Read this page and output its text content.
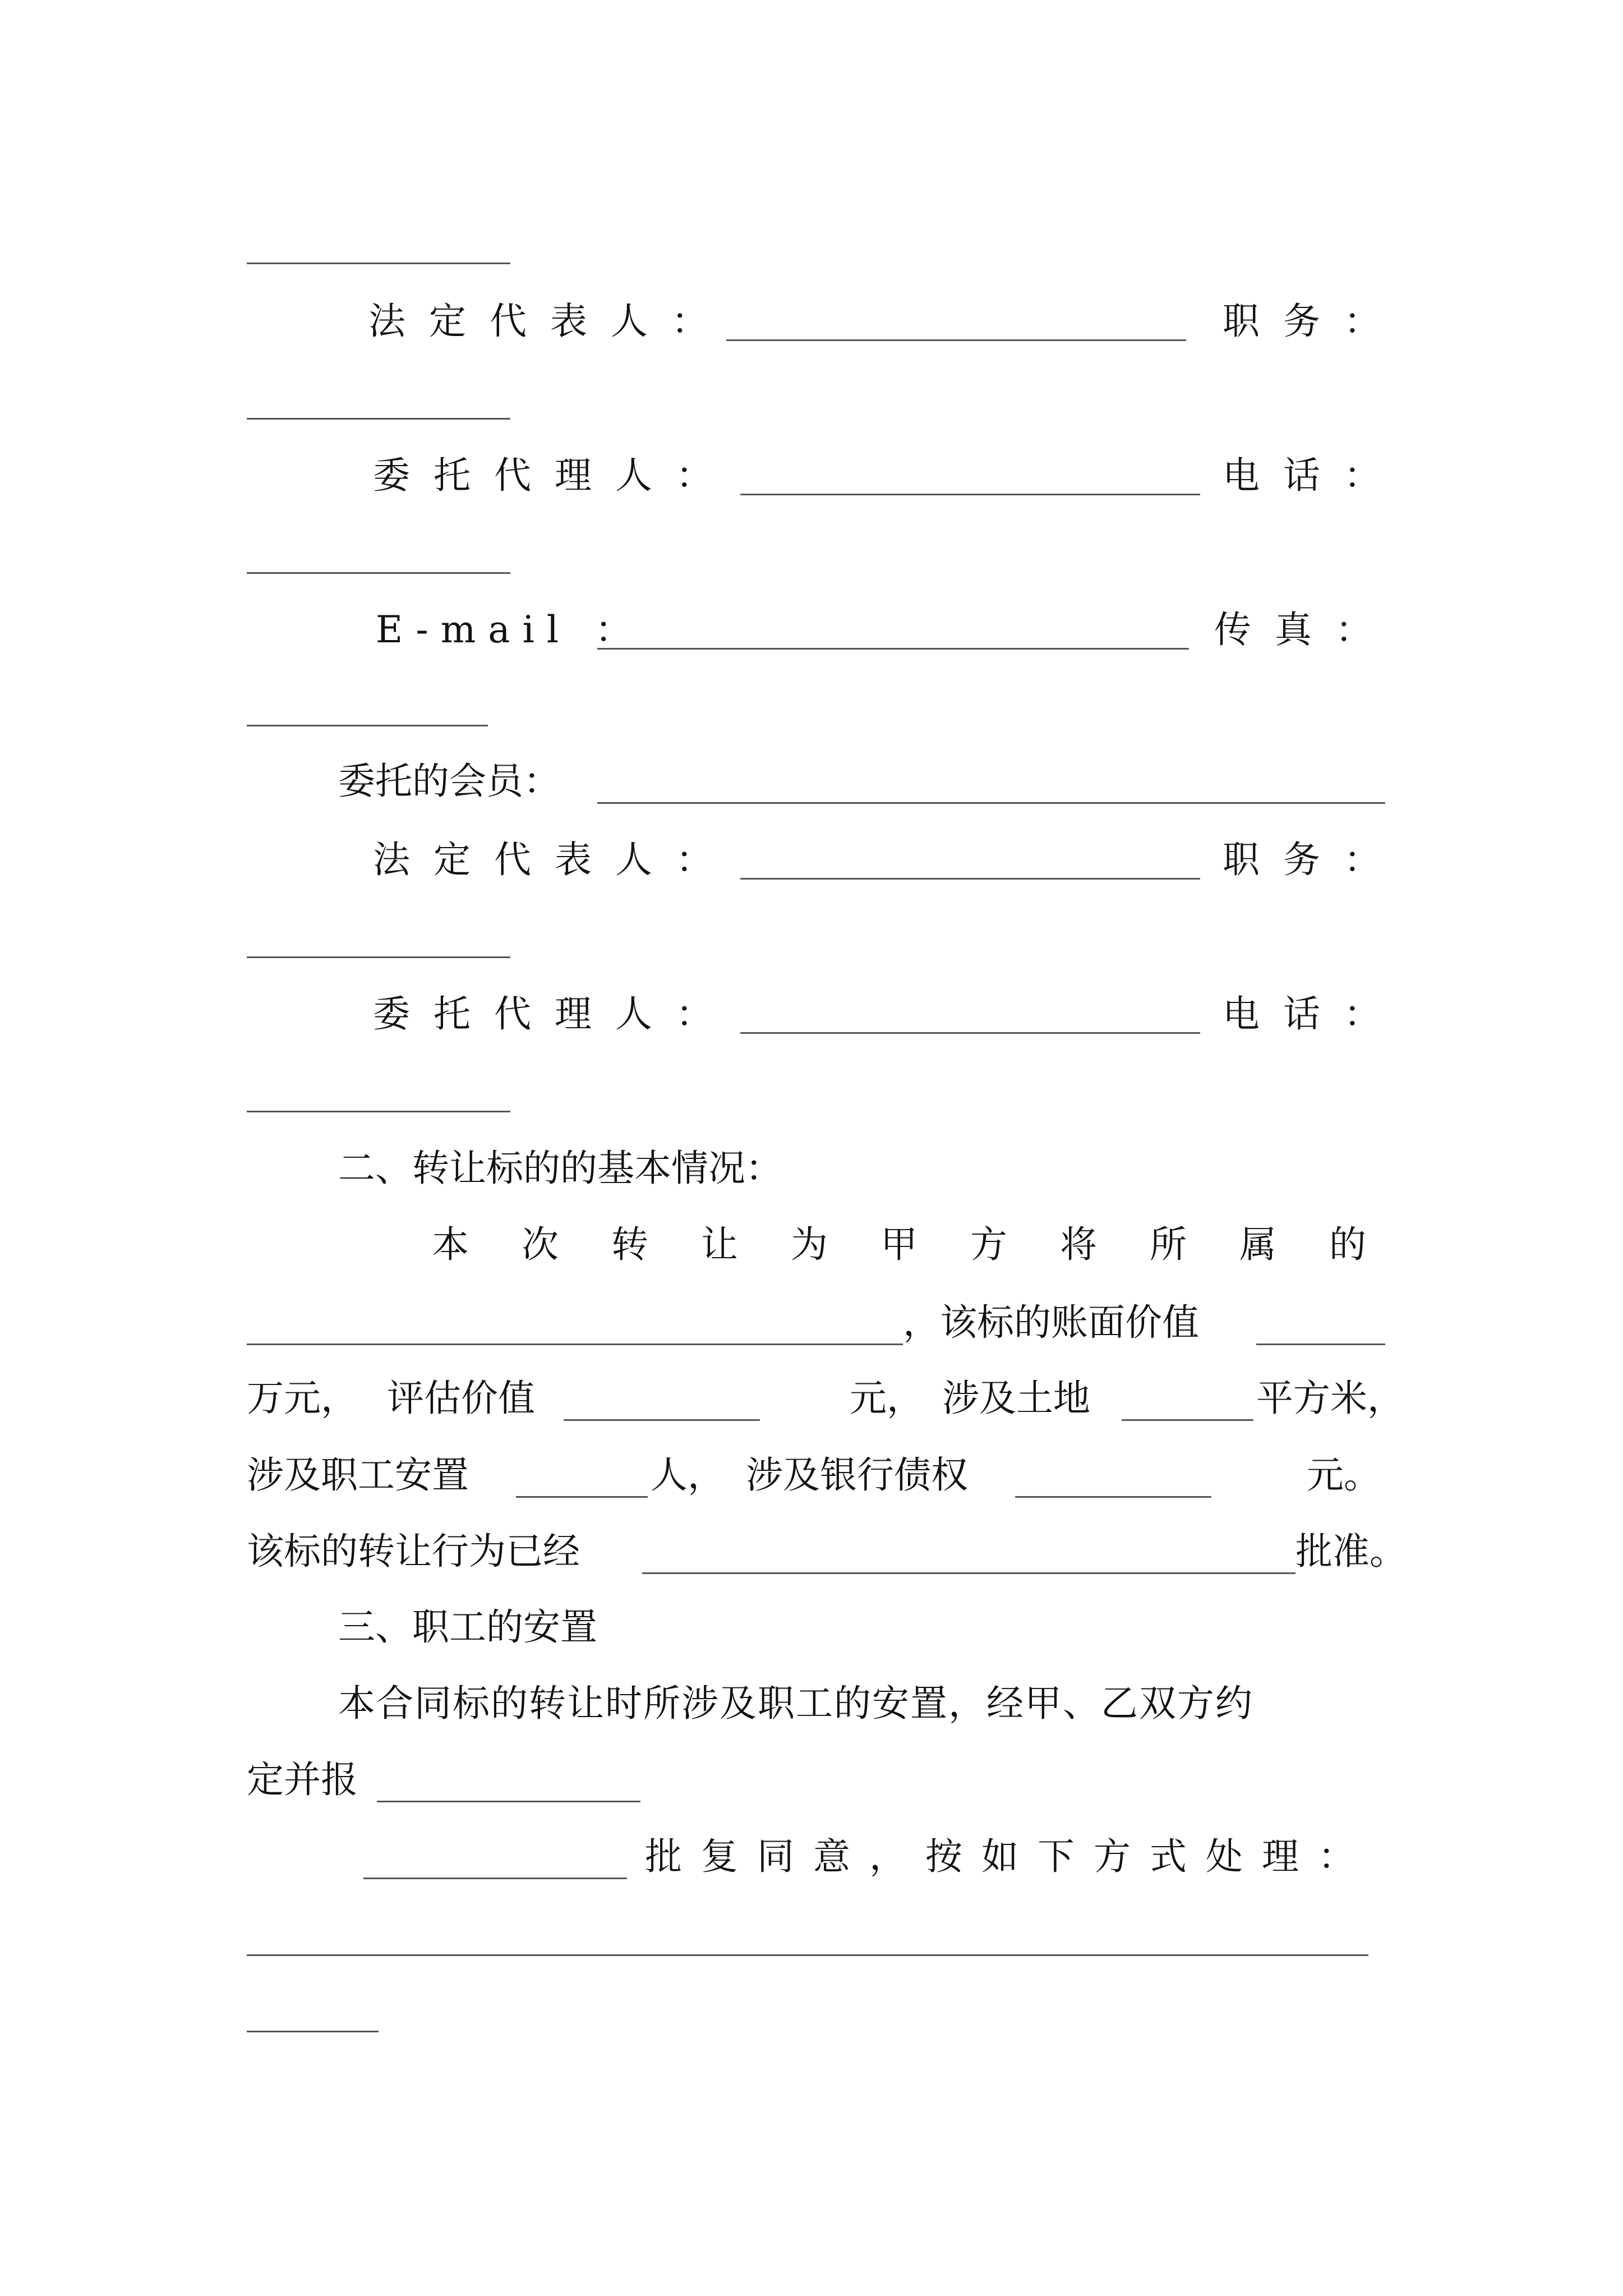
法定代表人：	职务：
委托代理人：	电话：
E-mail ：	传真：
委托的会员：
法定代表人：	职务：
委托代理人：	电话：
二、转让标的的基本情况：
本次转让为甲方将所属的
，该标的账面价值
万元， 评估价值	元， 涉及土地	平方米，
涉及职工安置	人， 涉及银行债权	元。
该标的转让行为已经	批准。
三、职工的安置
本合同标的转让时所涉及职工的安置，经甲、乙双方约
定并报
批复同意，按如下方式处理：
